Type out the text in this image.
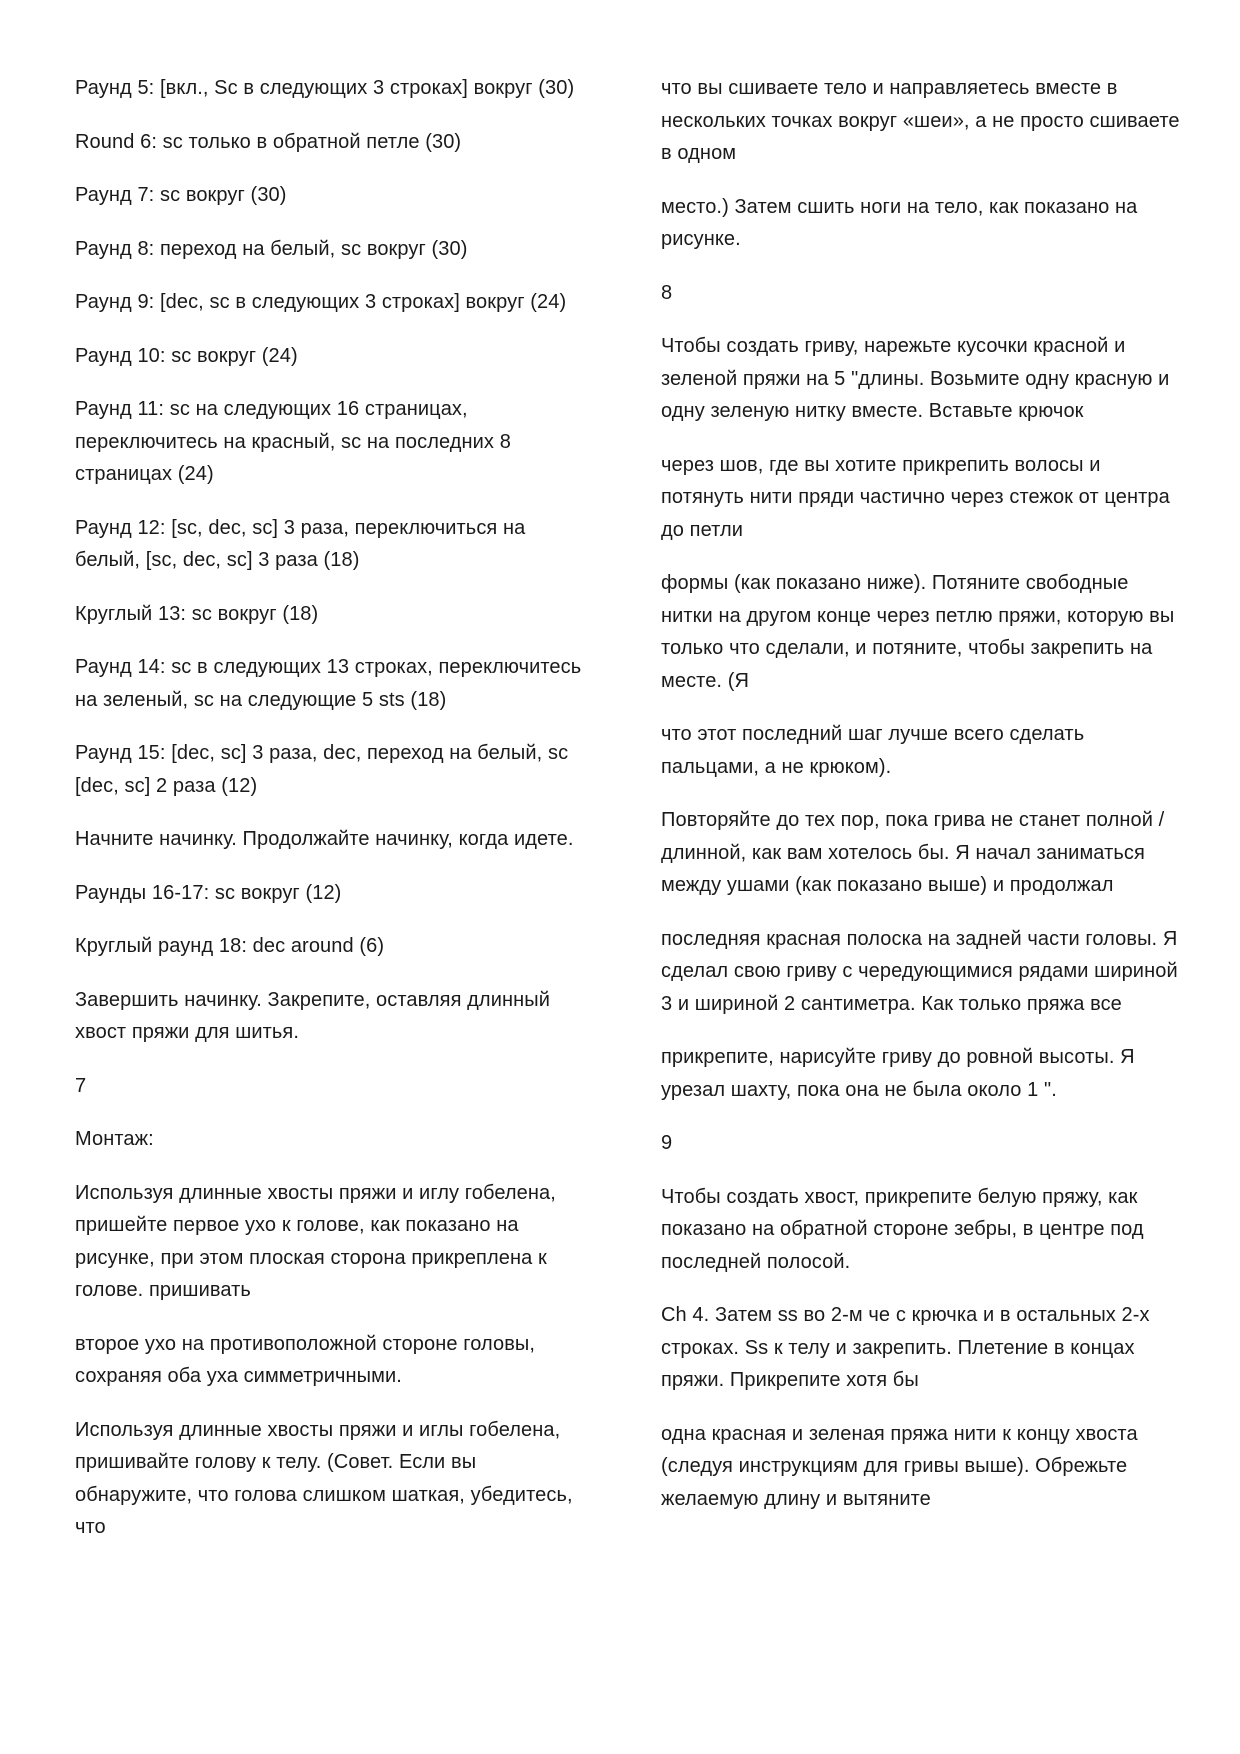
Раунд 5: [вкл., Sc в следующих 3 строках] вокруг (30)

Round 6: sc только в обратной петле (30)

Раунд 7: sc вокруг (30)

Раунд 8: переход на белый, sc вокруг (30)

Раунд 9: [dec, sc в следующих 3 строках] вокруг (24)

Раунд 10: sc вокруг (24)

Раунд 11: sc на следующих 16 страницах, переключитесь на красный, sc на последних 8 страницах (24)

Раунд 12: [sc, dec, sc] 3 раза, переключиться на белый, [sc, dec, sc] 3 раза (18)

Круглый 13: sc вокруг (18)

Раунд 14: sc в следующих 13 строках, переключитесь на зеленый, sc на следующие 5 sts (18)

Раунд 15: [dec, sc] 3 раза, dec, переход на белый, sc [dec, sc] 2 раза (12)

Начните начинку. Продолжайте начинку, когда идете.

Раунды 16-17: sc вокруг (12)

Круглый раунд 18: dec around (6)

Завершить начинку. Закрепите, оставляя длинный хвост пряжи для шитья.

7

Монтаж:

Используя длинные хвосты пряжи и иглу гобелена, пришейте первое ухо к голове, как показано на рисунке, при этом плоская сторона прикреплена к голове. пришивать

второе ухо на противоположной стороне головы, сохраняя оба уха симметричными.

Используя длинные хвосты пряжи и иглы гобелена, пришивайте голову к телу. (Совет. Если вы обнаружите, что голова слишком шаткая, убедитесь, что

что вы сшиваете тело и направляетесь вместе в нескольких точках вокруг «шеи», а не просто сшиваете в одном

место.) Затем сшить ноги на тело, как показано на рисунке.

8

Чтобы создать гриву, нарежьте кусочки красной и зеленой пряжи на 5 "длины. Возьмите одну красную и одну зеленую нитку вместе. Вставьте крючок

через шов, где вы хотите прикрепить волосы и потянуть нити пряди частично через стежок от центра до петли

формы (как показано ниже). Потяните свободные нитки на другом конце через петлю пряжи, которую вы только что сделали, и потяните, чтобы закрепить на месте. (Я

что этот последний шаг лучше всего сделать пальцами, а не крюком).

Повторяйте до тех пор, пока грива не станет полной / длинной, как вам хотелось бы. Я начал заниматься между ушами (как показано выше) и продолжал

последняя красная полоска на задней части головы. Я сделал свою гриву с чередующимися рядами шириной 3 и шириной 2 сантиметра. Как только пряжа все

прикрепите, нарисуйте гриву до ровной высоты. Я урезал шахту, пока она не была около 1 ".

9

Чтобы создать хвост, прикрепите белую пряжу, как показано на обратной стороне зебры, в центре под последней полосой.

Ch 4. Затем ss во 2-м че с крючка и в остальных 2-х строках. Ss к телу и закрепить. Плетение в концах пряжи. Прикрепите хотя бы

одна красная и зеленая пряжа нити к концу хвоста (следуя инструкциям для гривы выше). Обрежьте желаемую длину и вытяните
